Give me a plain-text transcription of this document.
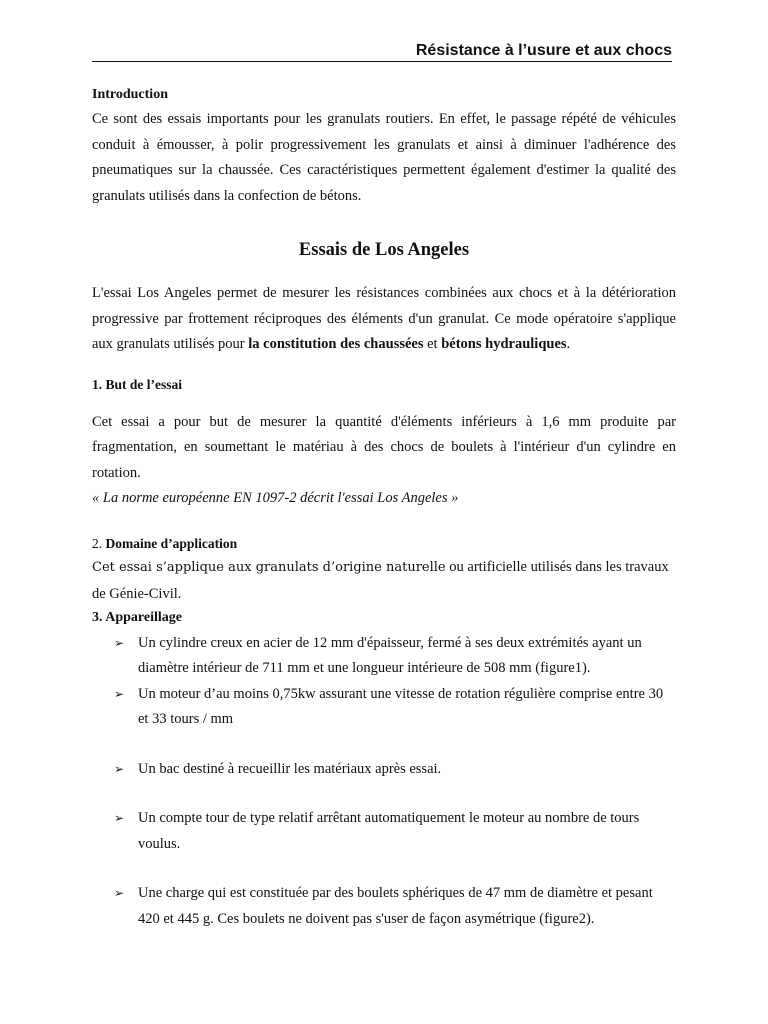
Résistance à l’usure et aux chocs
Introduction

Ce sont des essais importants pour les granulats routiers. En effet, le passage répété de véhicules conduit à émousser, à polir progressivement les granulats et ainsi à diminuer l'adhérence des pneumatiques sur la chaussée. Ces caractéristiques permettent également d'estimer la qualité des granulats utilisés dans la confection de bétons.

Essais de Los Angeles

L'essai Los Angeles permet de mesurer les résistances combinées aux chocs et à la détérioration progressive par frottement réciproques des éléments d'un granulat. Ce mode opératoire s'applique aux granulats utilisés pour la constitution des chaussées et bétons hydrauliques.

1. But de l’essai

Cet essai a pour but de mesurer la quantité d'éléments inférieurs à 1,6 mm produite par fragmentation, en soumettant le matériau à des chocs de boulets à l'intérieur d'un cylindre en rotation.

« La norme européenne EN 1097-2 décrit l'essai Los Angeles »
2. Domaine d’application
Cet essai s’applique aux granulats d’origine naturelle ou artificielle utilisés dans les travaux de Génie-Civil.
3. Appareillage
➢ Un cylindre creux en acier de 12 mm d'épaisseur, fermé à ses deux extrémités ayant un diamètre intérieur de 711 mm et une longueur intérieure de 508 mm (figure1).
➢ Un moteur d’au moins 0,75kw assurant une vitesse de rotation régulière comprise entre 30 et 33 tours / mm
➢ Un bac destiné à recueillir les matériaux après essai.
➢ Un compte tour de type relatif arrêtant automatiquement le moteur au nombre de tours voulus.
➢ Une charge qui est constituée par des boulets sphériques de 47 mm de diamètre et pesant 420 et 445 g. Ces boulets ne doivent pas s'user de façon asymétrique (figure2).
